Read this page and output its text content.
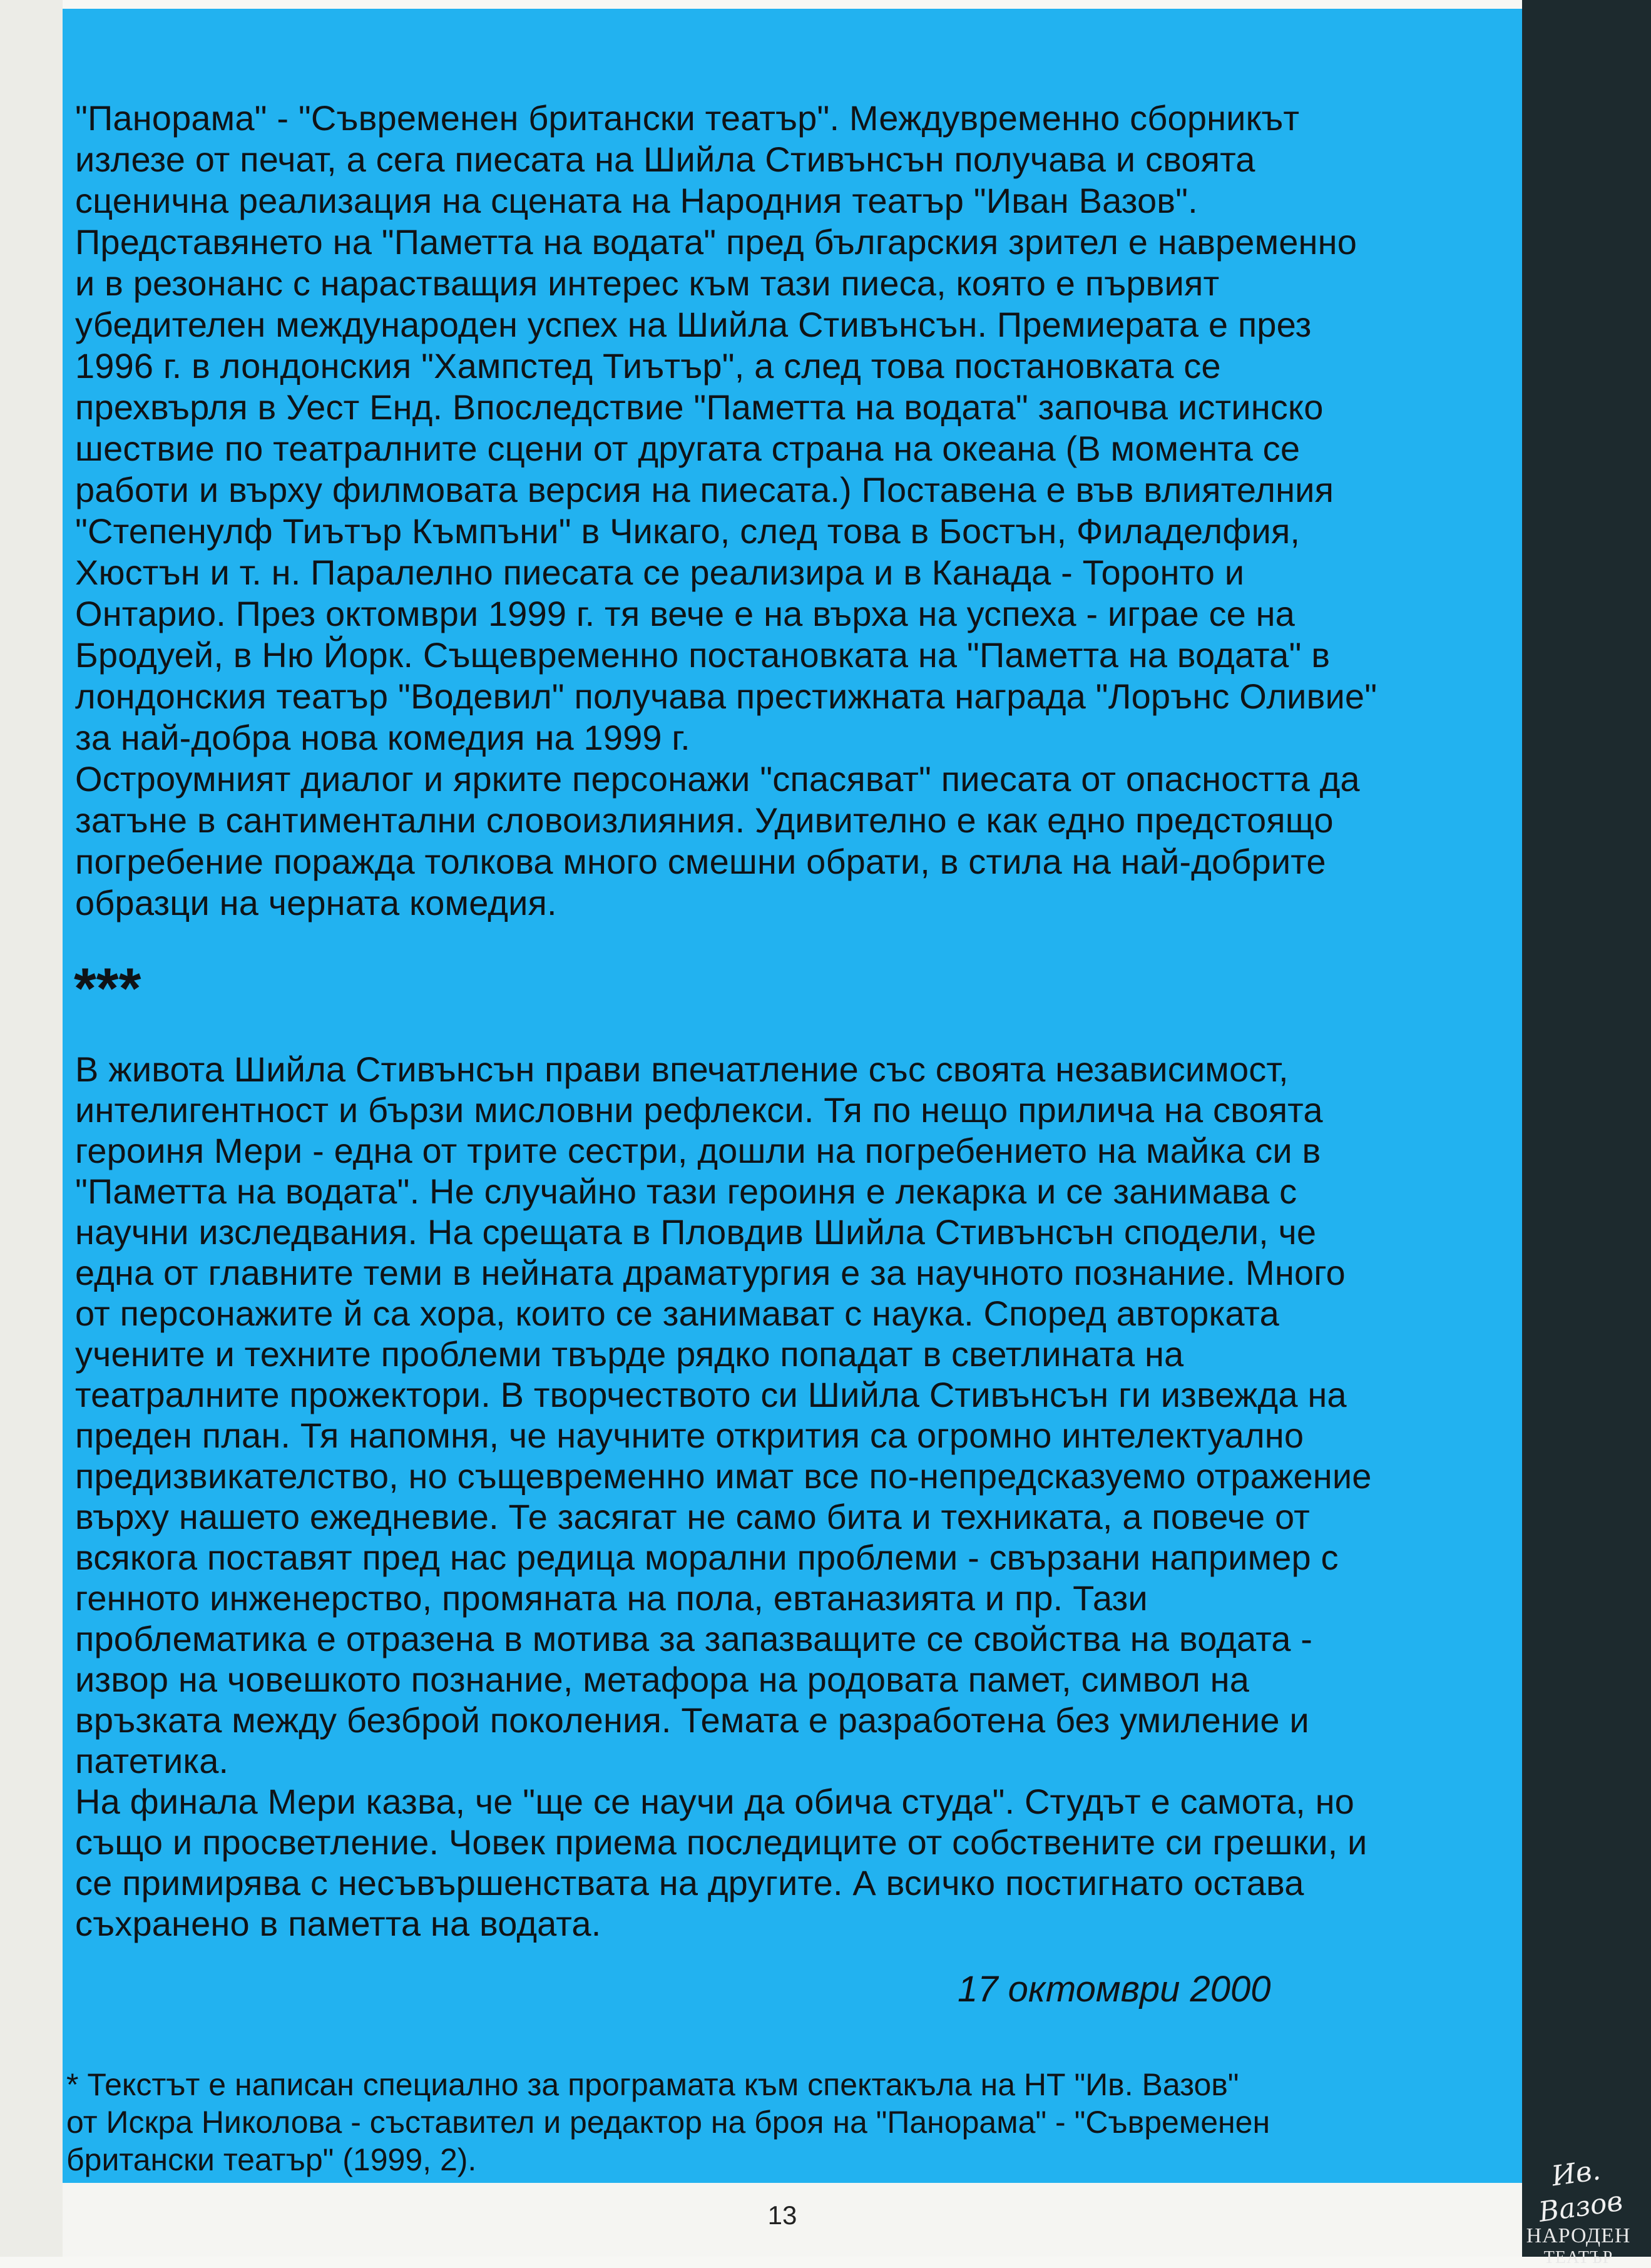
"Панорама" - "Съвременен британски театър". Междувременно сборникът

излезе от печат, а сега пиесата на Шийла Стивънсън получава и своята

сценична реализация на сцената на Народния театър "Иван Вазов".

Представянето на "Паметта на водата" пред българския зрител е навременно

и в резонанс с нарастващия интерес към тази пиеса, която е първият

убедителен международен успех на Шийла Стивънсън. Премиерата е през

1996 г. в лондонския "Хампстед Тиътър", а след това постановката се

прехвърля в Уест Енд. Впоследствие "Паметта на водата" започва истинско

шествие по театралните сцени от другата страна на океана (В момента се

работи и върху филмовата версия на пиесата.) Поставена е във влиятелния

"Степенулф Тиътър Къмпъни" в Чикаго, след това в Бостън, Филаделфия,

Хюстън и т. н. Паралелно пиесата се реализира и в Канада - Торонто и

Онтарио. През октомври 1999 г. тя вече е на върха на успеха - играе се на

Бродуей, в Ню Йорк. Същевременно постановката на "Паметта на водата" в

лондонския театър "Водевил" получава престижната награда "Лорънс Оливие"

за най-добра нова комедия на 1999 г.

Остроумният диалог и ярките персонажи "спасяват" пиесата от опасността да

затъне в сантиментални словоизлияния. Удивително е как едно предстоящо

погребение поражда толкова много смешни обрати, в стила на най-добрите

образци на черната комедия.

***

В живота Шийла Стивънсън прави впечатление със своята независимост,

интелигентност и бързи мисловни рефлекси. Тя по нещо прилича на своята

героиня Мери - една от трите сестри, дошли на погребението на майка си в

"Паметта на водата". Не случайно тази героиня е лекарка и се занимава с

научни изследвания. На срещата в Пловдив Шийла Стивънсън сподели, че

една от главните теми в нейната драматургия е за научното познание. Много

от персонажите й са хора, които се занимават с наука. Според авторката

учените и техните проблеми твърде рядко попадат в светлината на

театралните прожектори. В творчеството си Шийла Стивънсън ги извежда на

преден план. Тя напомня, че научните открития са огромно интелектуално

предизвикателство, но същевременно имат все по-непредсказуемо отражение

върху нашето ежедневие. Те засягат не само бита и техниката, а повече от

всякога поставят пред нас редица морални проблеми - свързани например с

генното инженерство, промяната на пола, евтаназията и пр. Тази

проблематика е отразена в мотива за запазващите се свойства на водата -

извор на човешкото познание, метафора на родовата памет, символ на

връзката между безброй поколения. Темата е разработена без умиление и

патетика.

На финала Мери казва, че "ще се научи да обича студа". Студът е самота, но

също и просветление. Човек приема последиците от собствените си грешки, и

се примирява с несъвършенствата на другите. А всичко постигнато остава

съхранено в паметта на водата.

17 октомври 2000

* Текстът е написан специално за програмата към спектакъла на НТ "Ив. Вазов"

от Искра Николова - съставител и редактор на броя на "Панорама" - "Съвременен

британски театър" (1999, 2).

13
Ив. Вазов
НАРОДЕН
ТЕАТЪР
